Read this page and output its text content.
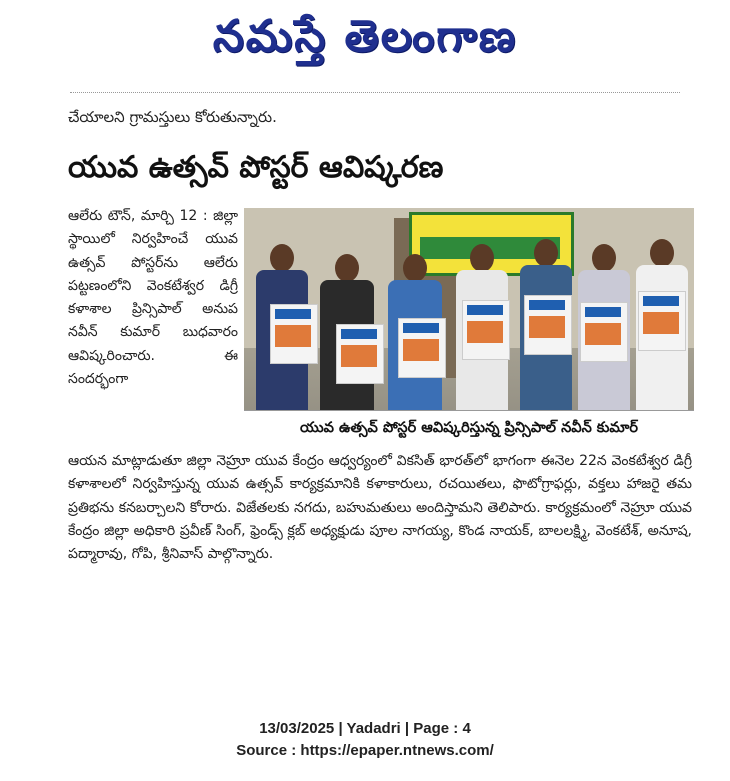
నమస్తే తెలంగాణ
చేయాలని గ్రామస్తులు కోరుతున్నారు.
యువ ఉత్సవ్ పోస్టర్ ఆవిష్కరణ
ఆలేరు టౌన్, మార్చి 12 : జిల్లా స్థాయిలో నిర్వహించే యువ ఉత్సవ్ పోస్టర్‌ను ఆలేరు పట్టణంలోని వెంకటేశ్వర డిగ్రీ కళాశాల ప్రిన్సిపాల్ అనుప నవీన్ కుమార్ బుధవారం ఆవిష్కరించారు. ఈ సందర్భంగా
యువ ఉత్సవ్ పోస్టర్ ఆవిష్కరిస్తున్న ప్రిన్సిపాల్ నవీన్ కుమార్
ఆయన మాట్లాడుతూ జిల్లా నెహ్రూ యువ కేంద్రం ఆధ్వర్యంలో వికసిత్ భారత్‌లో భాగంగా ఈనెల 22న వెంకటేశ్వర డిగ్రీ కళాశాలలో నిర్వహిస్తున్న యువ ఉత్సవ్ కార్యక్రమానికి కళాకారులు, రచయితలు, ఫొటోగ్రాఫర్లు, వక్తలు హాజరై తమ ప్రతిభను కనబర్చాలని కోరారు. విజేతలకు నగదు, బహుమతులు అందిస్తామని తెలిపారు. కార్యక్రమంలో నెహ్రూ యువ కేంద్రం జిల్లా అధికారి ప్రవీణ్ సింగ్, ఫ్రెండ్స్ క్లబ్ అధ్యక్షుడు పూల నాగయ్య, కొండ నాయక్, బాలలక్ష్మి, వెంకటేశ్, అనూష, పద్మారావు, గోపి, శ్రీనివాస్ పాల్గొన్నారు.
13/03/2025 | Yadadri | Page : 4
Source : https://epaper.ntnews.com/
